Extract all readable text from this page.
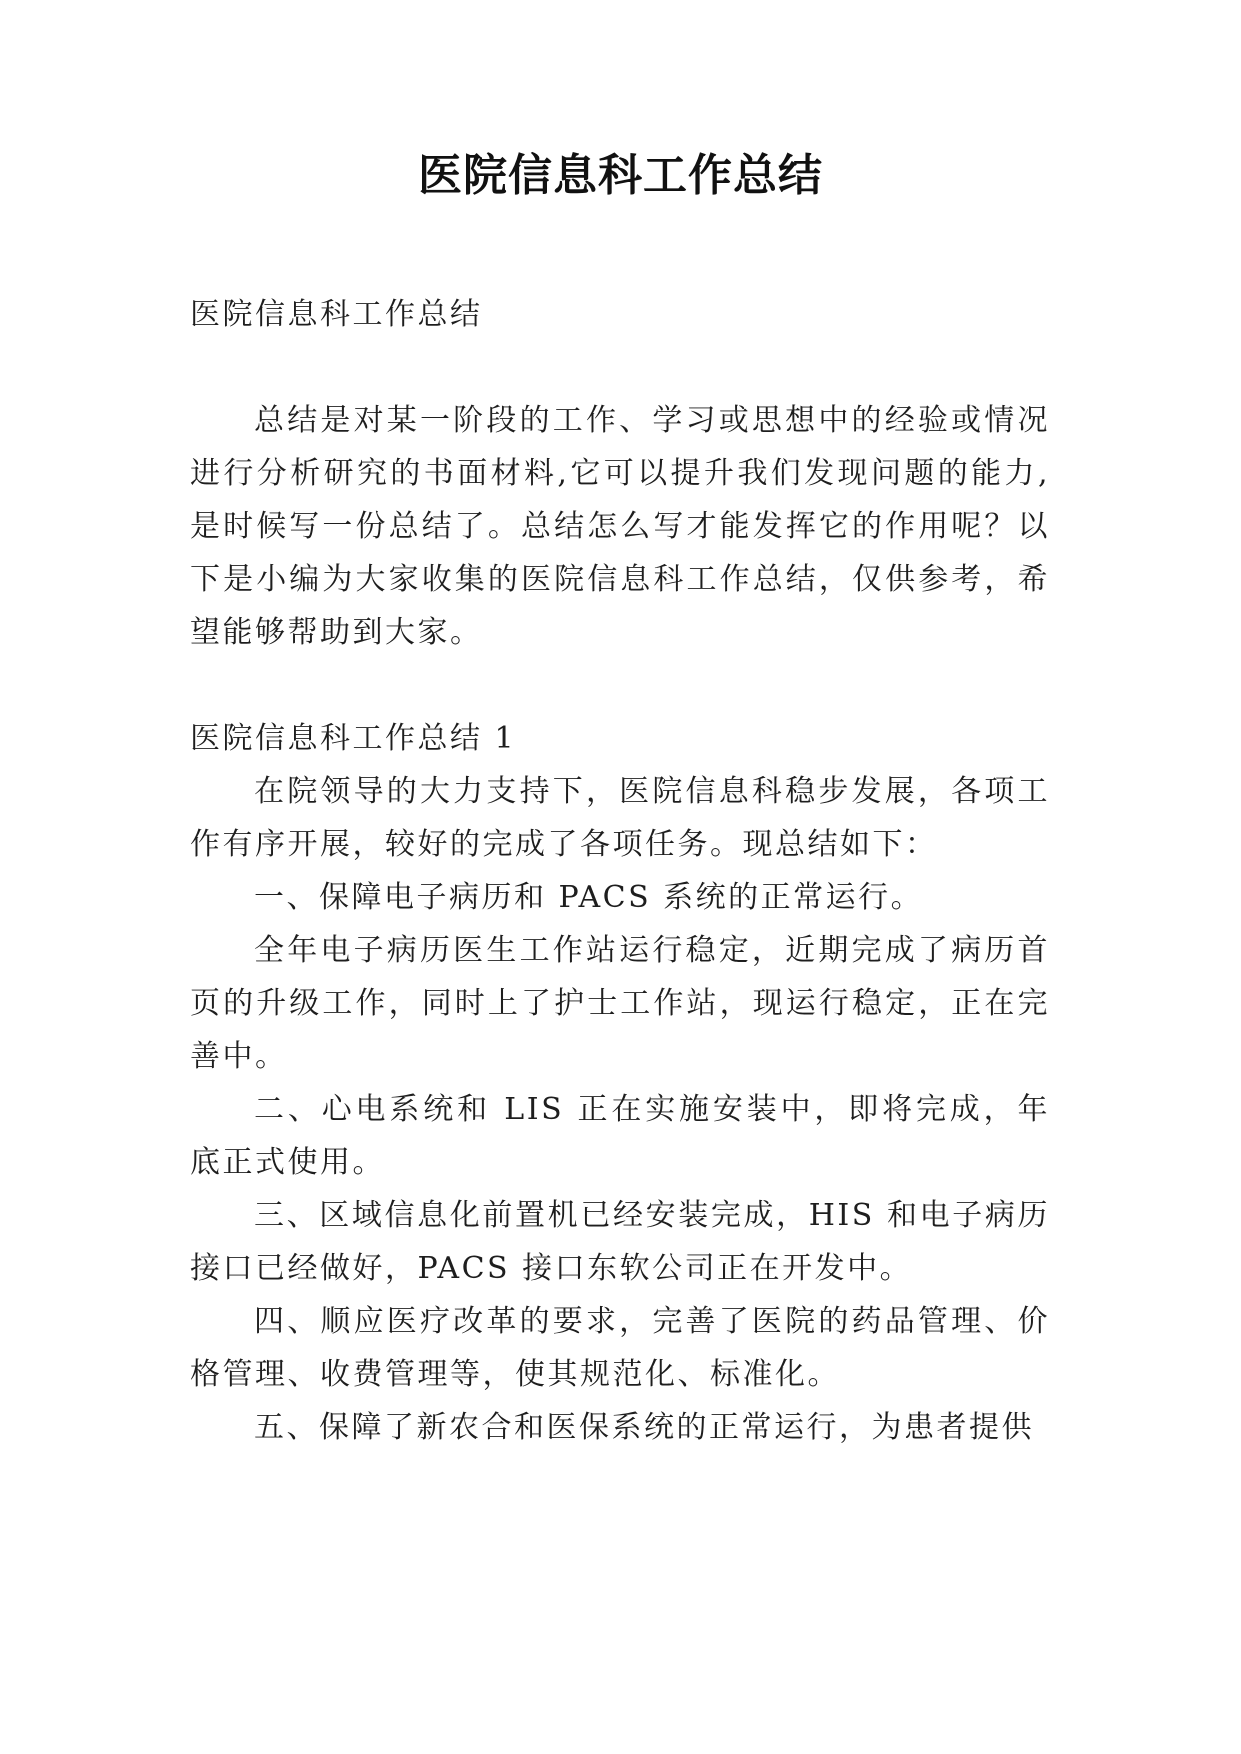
医院信息科工作总结

医院信息科工作总结

总结是对某一阶段的工作、学习或思想中的经验或情况进行分析研究的书面材料,它可以提升我们发现问题的能力,是时候写一份总结了。总结怎么写才能发挥它的作用呢？以下是小编为大家收集的医院信息科工作总结，仅供参考，希望能够帮助到大家。

医院信息科工作总结 1

在院领导的大力支持下，医院信息科稳步发展，各项工作有序开展，较好的完成了各项任务。现总结如下：

一、保障电子病历和 PACS 系统的正常运行。

全年电子病历医生工作站运行稳定，近期完成了病历首页的升级工作，同时上了护士工作站，现运行稳定，正在完善中。

二、心电系统和 LIS 正在实施安装中，即将完成，年底正式使用。

三、区域信息化前置机已经安装完成，HIS 和电子病历接口已经做好，PACS 接口东软公司正在开发中。

四、顺应医疗改革的要求，完善了医院的药品管理、价格管理、收费管理等，使其规范化、标准化。

五、保障了新农合和医保系统的正常运行，为患者提供
